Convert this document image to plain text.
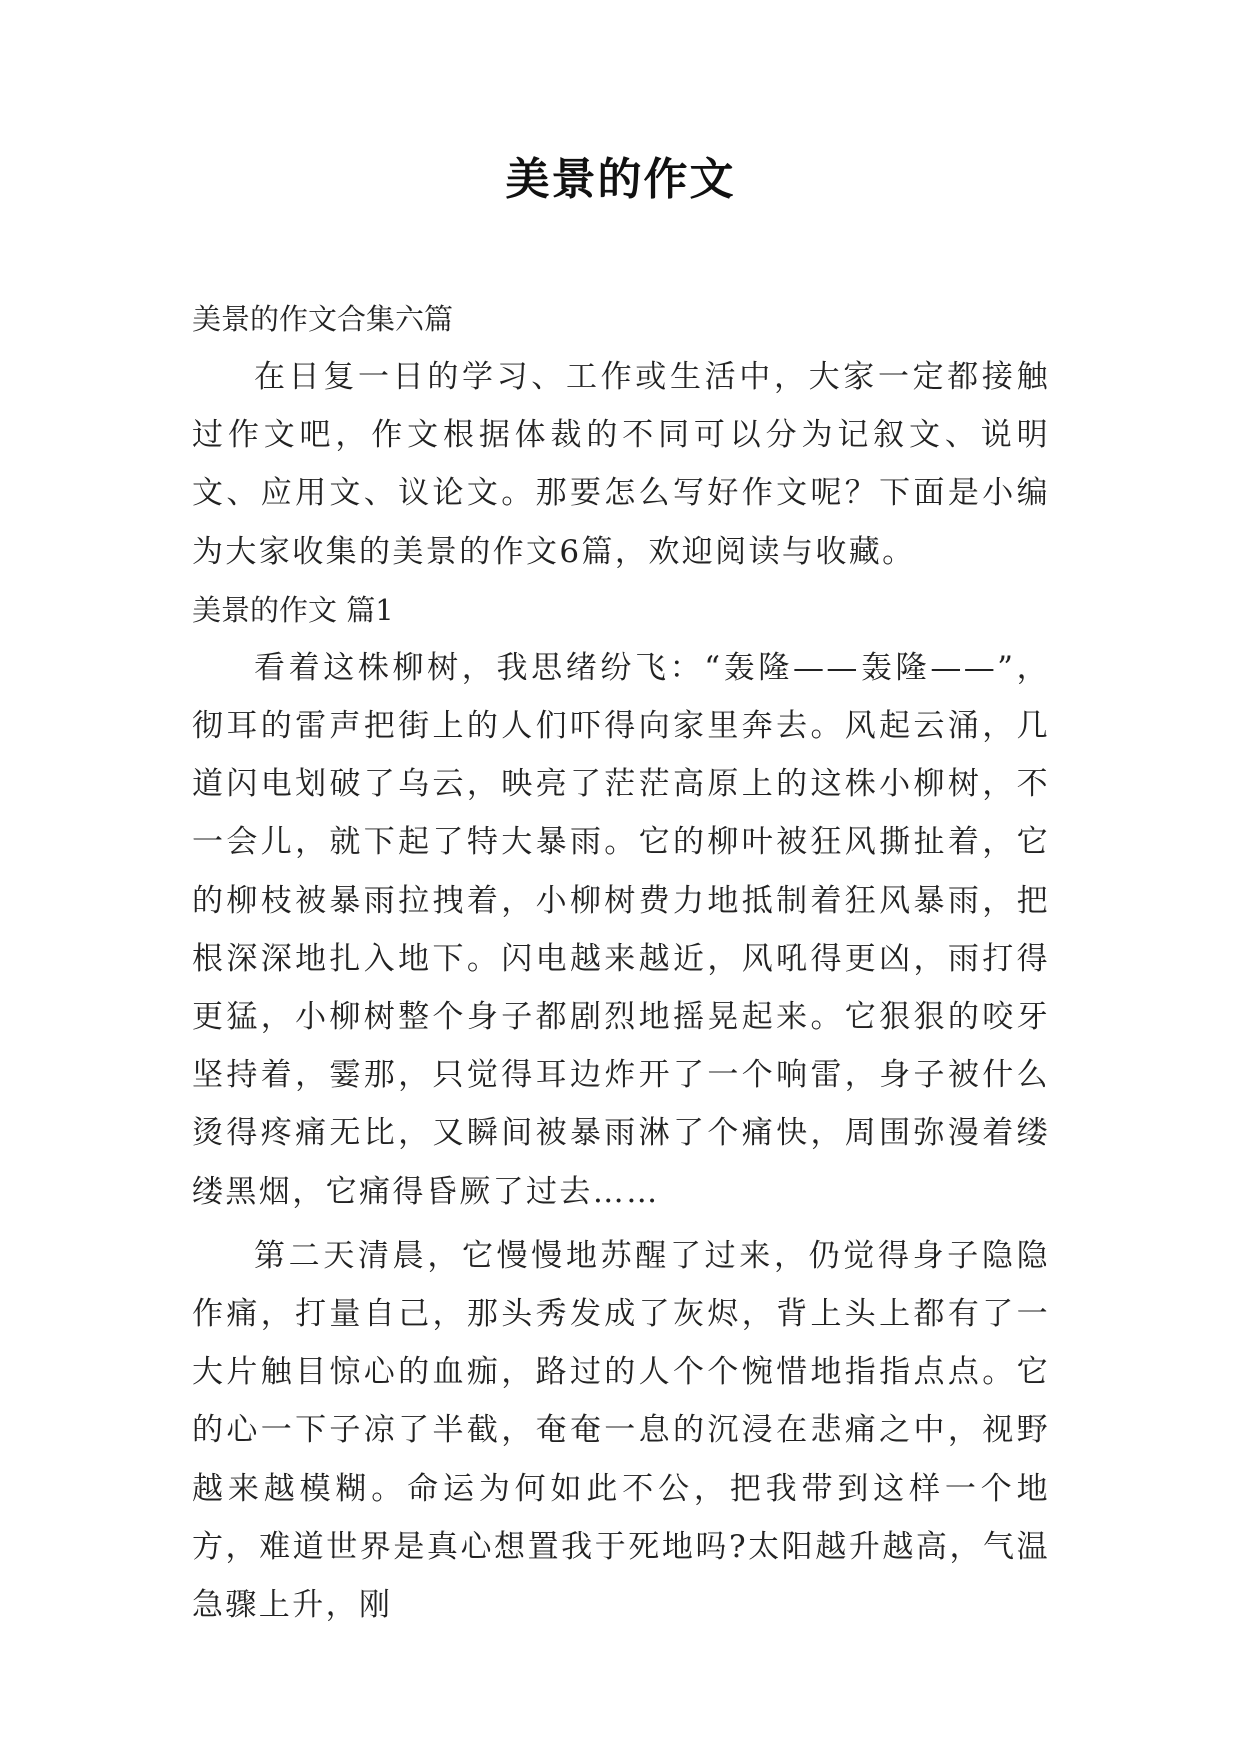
美景的作文
美景的作文合集六篇

在日复一日的学习、工作或生活中，大家一定都接触过作文吧，作文根据体裁的不同可以分为记叙文、说明文、应用文、议论文。那要怎么写好作文呢？下面是小编为大家收集的美景的作文6篇，欢迎阅读与收藏。

美景的作文 篇1

看着这株柳树，我思绪纷飞：“轰隆——轰隆——”，彻耳的雷声把街上的人们吓得向家里奔去。风起云涌，几道闪电划破了乌云，映亮了茫茫高原上的这株小柳树，不一会儿，就下起了特大暴雨。它的柳叶被狂风撕扯着，它的柳枝被暴雨拉拽着，小柳树费力地抵制着狂风暴雨，把根深深地扎入地下。闪电越来越近，风吼得更凶，雨打得更猛，小柳树整个身子都剧烈地摇晃起来。它狠狠的咬牙坚持着，霎那，只觉得耳边炸开了一个响雷，身子被什么烫得疼痛无比，又瞬间被暴雨淋了个痛快，周围弥漫着缕缕黑烟，它痛得昏厥了过去……

第二天清晨，它慢慢地苏醒了过来，仍觉得身子隐隐作痛，打量自己，那头秀发成了灰烬，背上头上都有了一大片触目惊心的血痂，路过的人个个惋惜地指指点点。它的心一下子凉了半截，奄奄一息的沉浸在悲痛之中，视野越来越模糊。命运为何如此不公，把我带到这样一个地方，难道世界是真心想置我于死地吗?太阳越升越高，气温急骤上升，刚
